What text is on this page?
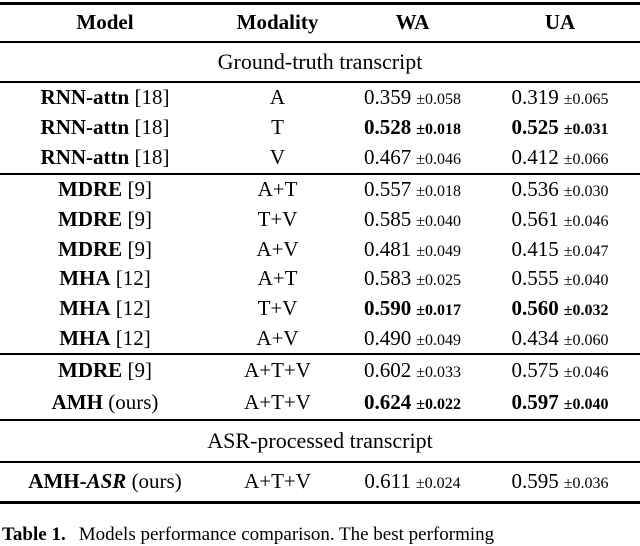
Model	Modality	WA	UA
Ground-truth transcript
RNN-attn [18]	A	0.359 ±0.058	0.319 ±0.065
RNN-attn [18]	T	0.528 ±0.018	0.525 ±0.031
RNN-attn [18]	V	0.467 ±0.046	0.412 ±0.066
MDRE [9]	A+T	0.557 ±0.018	0.536 ±0.030
MDRE [9]	T+V	0.585 ±0.040	0.561 ±0.046
MDRE [9]	A+V	0.481 ±0.049	0.415 ±0.047
MHA [12]	A+T	0.583 ±0.025	0.555 ±0.040
MHA [12]	T+V	0.590 ±0.017	0.560 ±0.032
MHA [12]	A+V	0.490 ±0.049	0.434 ±0.060
MDRE [9]	A+T+V	0.602 ±0.033	0.575 ±0.046
AMH (ours)	A+T+V	0.624 ±0.022	0.597 ±0.040
ASR-processed transcript
AMH-ASR (ours)	A+T+V	0.611 ±0.024	0.595 ±0.036
Table 1. Models performance comparison. The best performing
